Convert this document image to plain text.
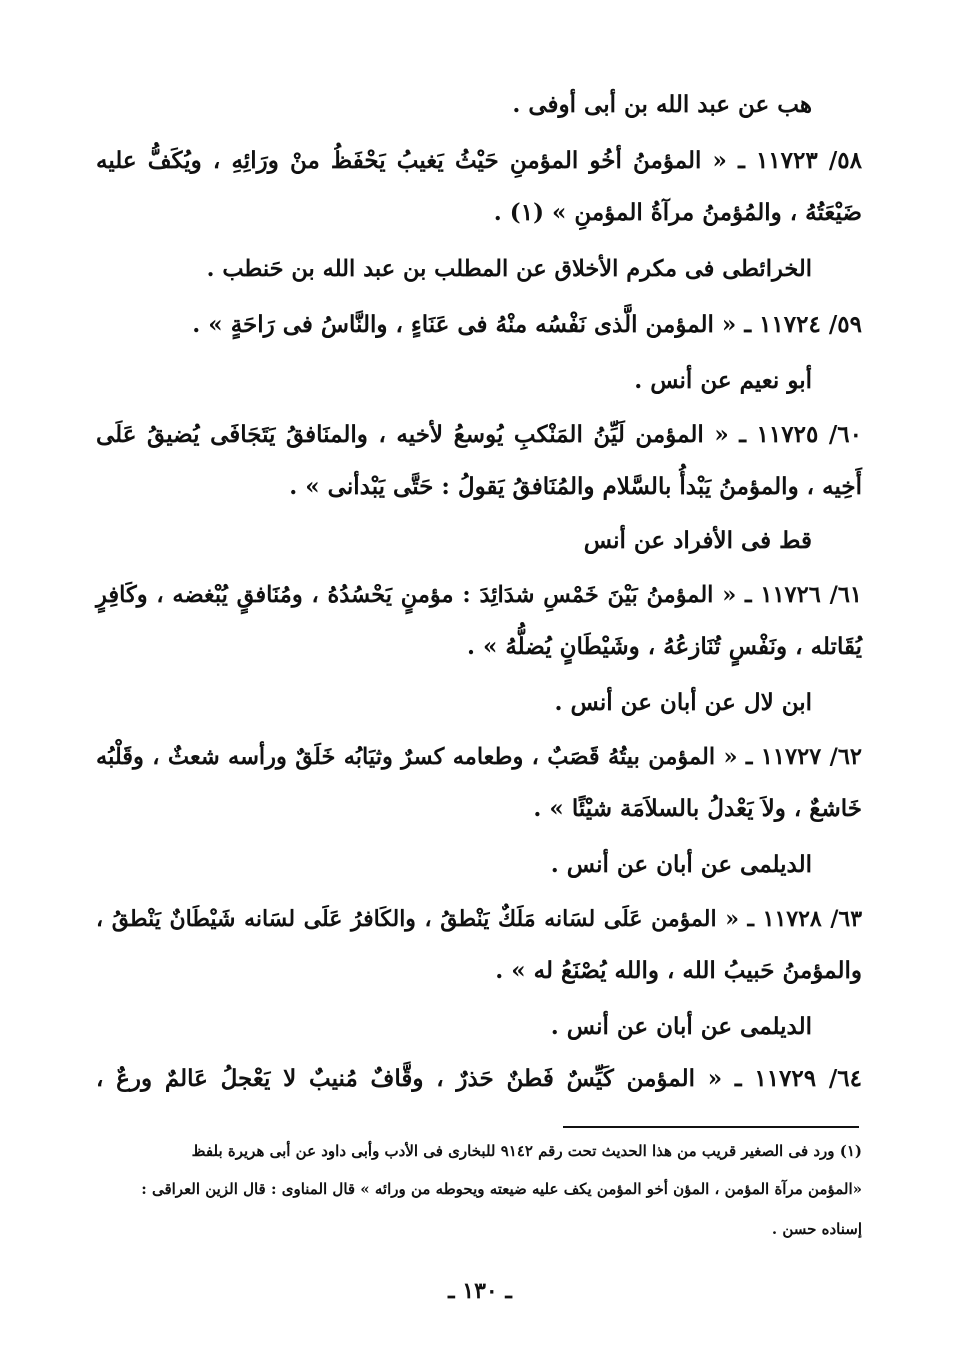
هب عن عبد الله بن أبى أوفى .
٥٨/ ١١٧٢٣ ـ « المؤمنُ أخُو المؤمنِ حَيْثُ يَغيبُ يَحْفَظُ منْ ورَائِهِ ، ويُكَفُّ عليه
ضَيْعَتُهُ ، والمُؤمنُ مرآةُ المؤمنِ » (١) .
الخرائطى فى مكرم الأخلاق عن المطلب بن عبد الله بن حَنطب .
٥٩/ ١١٧٢٤ ـ « المؤمن الَّذى نَفْسُه منْهُ فى عَنَاءٍ ، والنَّاسُ فى رَاحَةٍ » .
أبو نعيم عن أنس .
٦٠/ ١١٧٢٥ ـ « المؤمن لَيِّنُ المَنْكبِ يُوسعُ لأخيه ، والمنَافقُ يَتَجَافَى يُضيقُ عَلَى
أَخِيه ، والمؤمنُ يَبْدأُ بالسَّلام والمُنَافقُ يَقولُ : حَتَّى يَبْدأنى » .
قط فى الأفراد عن أنس
٦١/ ١١٧٢٦ ـ « المؤمنُ بَيْنَ خَمْسِ شدَائِدَ : مؤمنٍ يَحْسُدُهُ ، ومُنَافقٍ يُبْغضه ، وكَافِرٍ
يُقَاتله ، ونَفْسٍ تُنَازعُهُ ، وشَيْطَانٍ يُضلُّهُ » .
ابن لال عن أبان عن أنس .
٦٢/ ١١٧٢٧ ـ « المؤمن بيتُهُ قَصَبٌ ، وطعامه كسرٌ وثيَابُه خَلَقٌ ورأسه شعثٌ ، وقَلْبُه
خَاشعٌ ، ولاَ يَعْدلُ بالسلاَمَة شيْئًا » .
الديلمى عن أبان عن أنس .
٦٣/ ١١٧٢٨ ـ « المؤمن عَلَى لسَانه مَلَكٌ يَنْطقُ ، والكَافرُ عَلَى لسَانه شَيْطَانٌ يَنْطقُ ،
والمؤمنُ حَبيبُ الله ، والله يُصْنَعُ له » .
الديلمى عن أبان عن أنس .
٦٤/ ١١٧٢٩ ـ « المؤمن كَيِّسٌ فَطنٌ حَذرٌ ، وقَّافٌ مُنيبٌ لا يَعْجلُ عَالمٌ ورعٌ ،
(١) ورد فى الصغير قريب من هذا الحديث تحت رقم ٩١٤٢ للبخارى فى الأدب وأبى داود عن أبى هريرة بلفظ
«المؤمن مرآة المؤمن ، المؤن أخو المؤمن يكف عليه ضيعته ويحوطه من ورائه » قال المناوى : قال الزين العراقى :
إسناده حسن .
ـ ١٣٠ ـ
